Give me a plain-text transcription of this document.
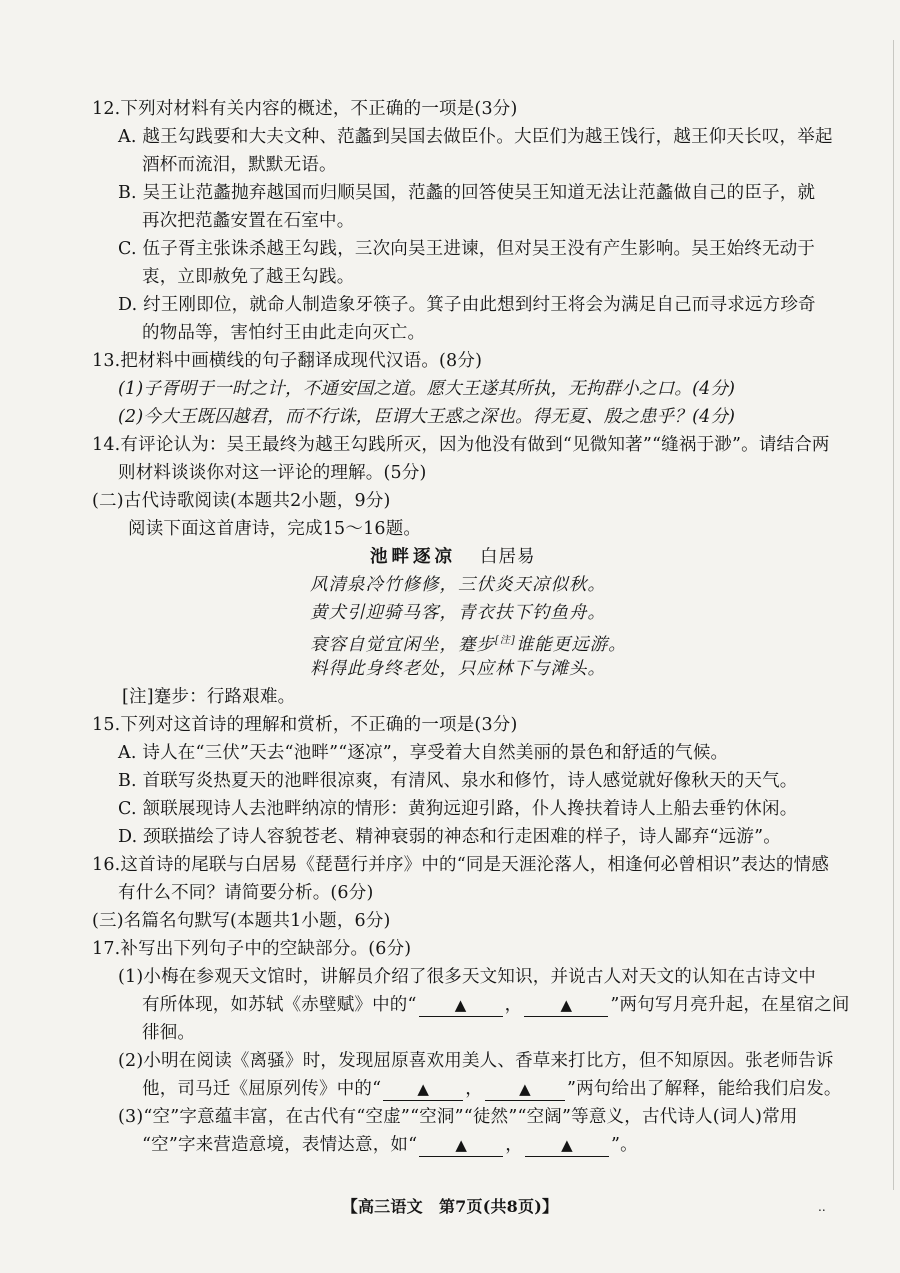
12.下列对材料有关内容的概述，不正确的一项是(3分)
A. 越王勾践要和大夫文种、范蠡到吴国去做臣仆。大臣们为越王饯行，越王仰天长叹，举起
酒杯而流泪，默默无语。
B. 吴王让范蠡抛弃越国而归顺吴国，范蠡的回答使吴王知道无法让范蠡做自己的臣子，就
再次把范蠡安置在石室中。
C. 伍子胥主张诛杀越王勾践，三次向吴王进谏，但对吴王没有产生影响。吴王始终无动于
衷，立即赦免了越王勾践。
D. 纣王刚即位，就命人制造象牙筷子。箕子由此想到纣王将会为满足自己而寻求远方珍奇
的物品等，害怕纣王由此走向灭亡。
13.把材料中画横线的句子翻译成现代汉语。(8分)
(1)子胥明于一时之计，不通安国之道。愿大王遂其所执，无拘群小之口。(4分)
(2)今大王既囚越君，而不行诛，臣谓大王惑之深也。得无夏、殷之患乎？(4分)
14.有评论认为：吴王最终为越王勾践所灭，因为他没有做到“见微知著”“缝祸于渺”。请结合两
则材料谈谈你对这一评论的理解。(5分)
(二)古代诗歌阅读(本题共2小题，9分)
阅读下面这首唐诗，完成15～16题。
池畔逐凉 白居易
风清泉冷竹修修，三伏炎天凉似秋。
黄犬引迎骑马客，青衣扶下钓鱼舟。
衰容自觉宜闲坐，蹇步[注]谁能更远游。
料得此身终老处，只应林下与滩头。
[注]蹇步：行路艰难。
15.下列对这首诗的理解和赏析，不正确的一项是(3分)
A. 诗人在“三伏”天去“池畔”“逐凉”，享受着大自然美丽的景色和舒适的气候。
B. 首联写炎热夏天的池畔很凉爽，有清风、泉水和修竹，诗人感觉就好像秋天的天气。
C. 颔联展现诗人去池畔纳凉的情形：黄狗远迎引路，仆人搀扶着诗人上船去垂钓休闲。
D. 颈联描绘了诗人容貌苍老、精神衰弱的神态和行走困难的样子，诗人鄙弃“远游”。
16.这首诗的尾联与白居易《琵琶行并序》中的“同是天涯沦落人，相逢何必曾相识”表达的情感
有什么不同？请简要分析。(6分)
(三)名篇名句默写(本题共1小题，6分)
17.补写出下列句子中的空缺部分。(6分)
(1)小梅在参观天文馆时，讲解员介绍了很多天文知识，并说古人对天文的认知在古诗文中
有所体现，如苏轼《赤壁赋》中的“	▲ ，	▲ ”两句写月亮升起，在星宿之间
徘徊。
(2)小明在阅读《离骚》时，发现屈原喜欢用美人、香草来打比方，但不知原因。张老师告诉
他，司马迁《屈原列传》中的“ ▲ ， ▲ ”两句给出了解释，能给我们启发。
(3)“空”字意蕴丰富，在古代有“空虚”“空洞”“徒然”“空阔”等意义，古代诗人(词人)常用
“空”字来营造意境，表情达意，如“	▲ ，	▲ ”。
【高三语文　第7页(共8页)】	..
